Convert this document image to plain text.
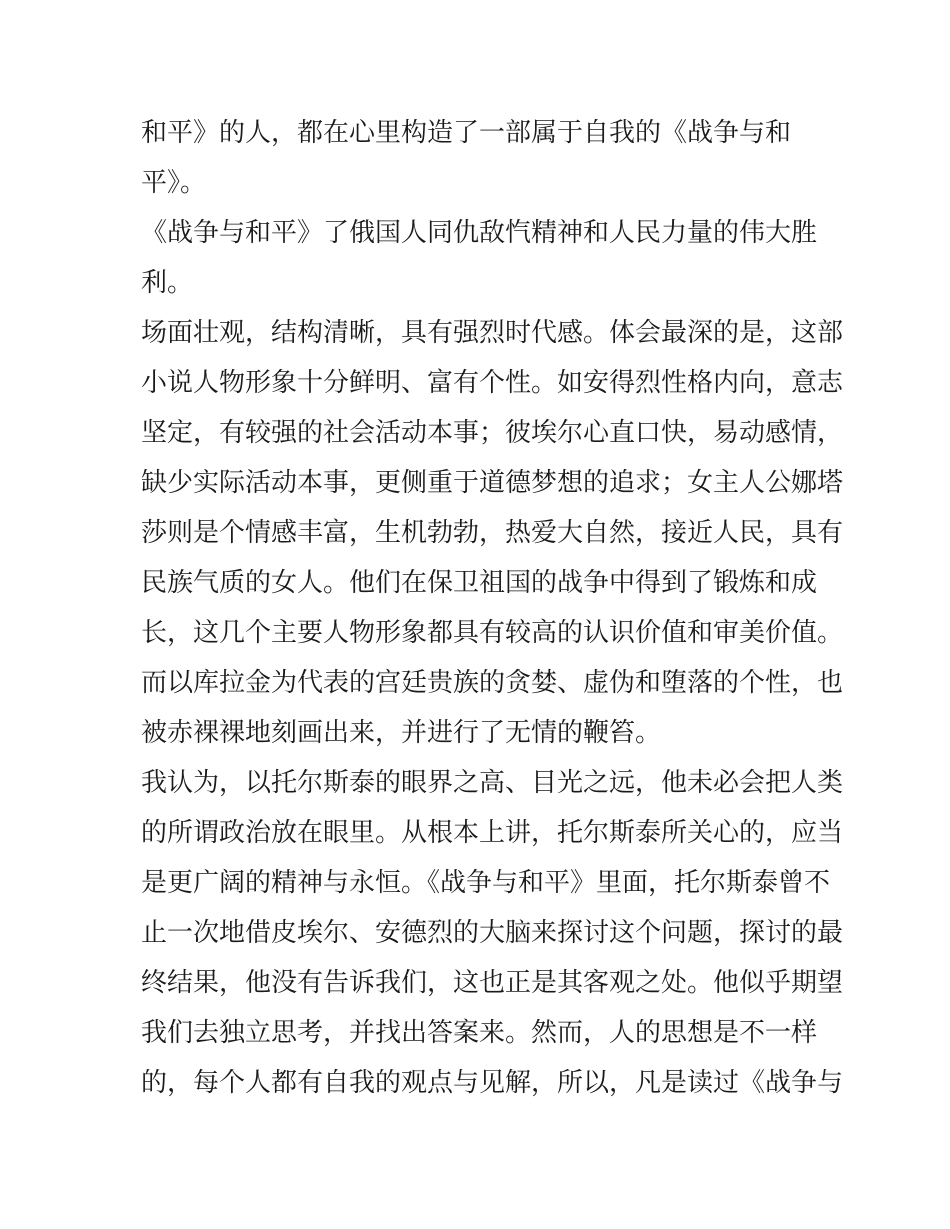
和平》的人，都在心里构造了一部属于自我的《战争与和
平》。
《战争与和平》了俄国人同仇敌忾精神和人民力量的伟大胜
利。
场面壮观，结构清晰，具有强烈时代感。体会最深的是，这部
小说人物形象十分鲜明、富有个性。如安得烈性格内向，意志
坚定，有较强的社会活动本事；彼埃尔心直口快，易动感情，
缺少实际活动本事，更侧重于道德梦想的追求；女主人公娜塔
莎则是个情感丰富，生机勃勃，热爱大自然，接近人民，具有
民族气质的女人。他们在保卫祖国的战争中得到了锻炼和成
长，这几个主要人物形象都具有较高的认识价值和审美价值。
而以库拉金为代表的宫廷贵族的贪婪、虚伪和堕落的个性，也
被赤裸裸地刻画出来，并进行了无情的鞭笞。
我认为，以托尔斯泰的眼界之高、目光之远，他未必会把人类
的所谓政治放在眼里。从根本上讲，托尔斯泰所关心的，应当
是更广阔的精神与永恒。《战争与和平》里面，托尔斯泰曾不
止一次地借皮埃尔、安德烈的大脑来探讨这个问题，探讨的最
终结果，他没有告诉我们，这也正是其客观之处。他似乎期望
我们去独立思考，并找出答案来。然而，人的思想是不一样
的，每个人都有自我的观点与见解，所以，凡是读过《战争与
